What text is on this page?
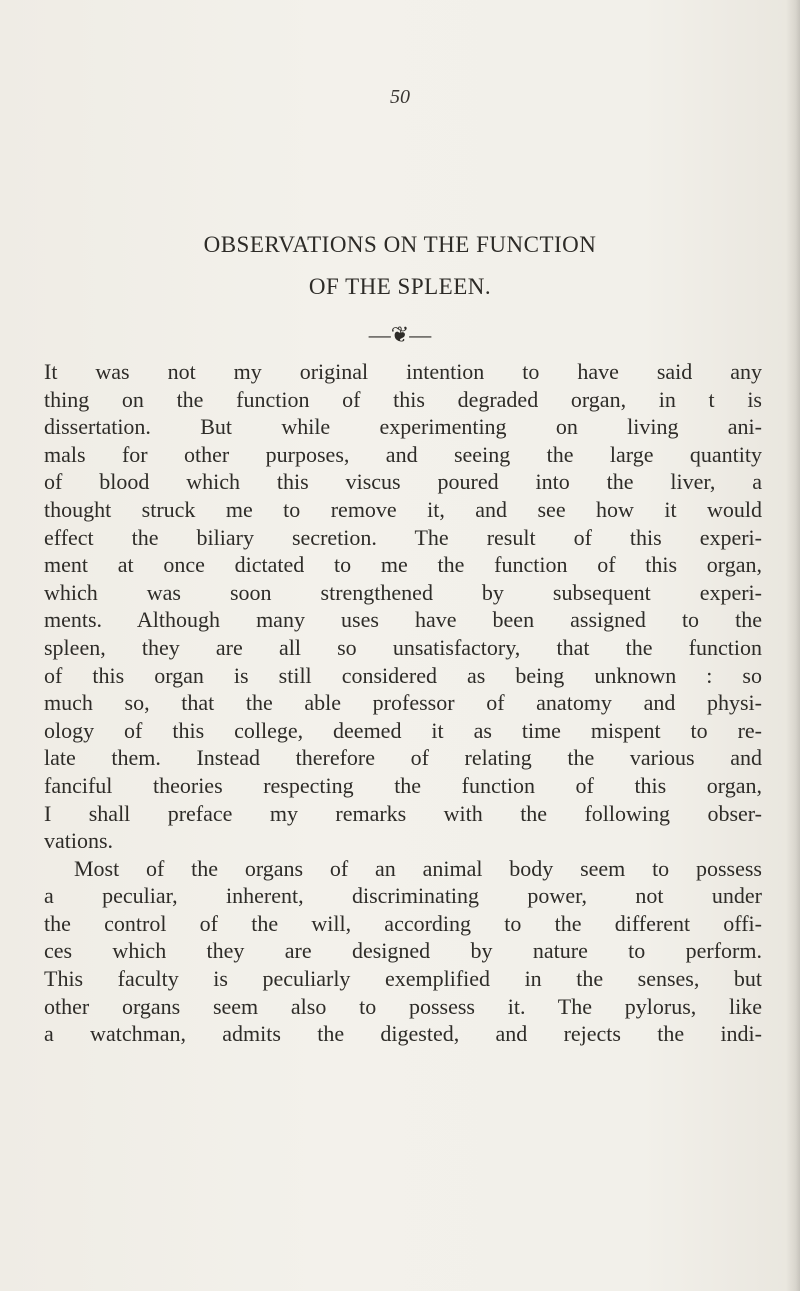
50
OBSERVATIONS ON THE FUNCTION
OF THE SPLEEN.
—❦—
It was not my original intention to have said any
thing on the function of this degraded organ, in t is
dissertation. But while experimenting on living ani-
mals for other purposes, and seeing the large quantity
of blood which this viscus poured into the liver, a
thought struck me to remove it, and see how it would
effect the biliary secretion. The result of this experi-
ment at once dictated to me the function of this organ,
which was soon strengthened by subsequent experi-
ments. Although many uses have been assigned to the
spleen, they are all so unsatisfactory, that the function
of this organ is still considered as being unknown : so
much so, that the able professor of anatomy and physi-
ology of this college, deemed it as time mispent to re-
late them. Instead therefore of relating the various and
fanciful theories respecting the function of this organ,
I shall preface my remarks with the following obser-
vations.
Most of the organs of an animal body seem to possess
a peculiar, inherent, discriminating power, not under
the control of the will, according to the different offi-
ces which they are designed by nature to perform.
This faculty is peculiarly exemplified in the senses, but
other organs seem also to possess it. The pylorus, like
a watchman, admits the digested, and rejects the indi-
